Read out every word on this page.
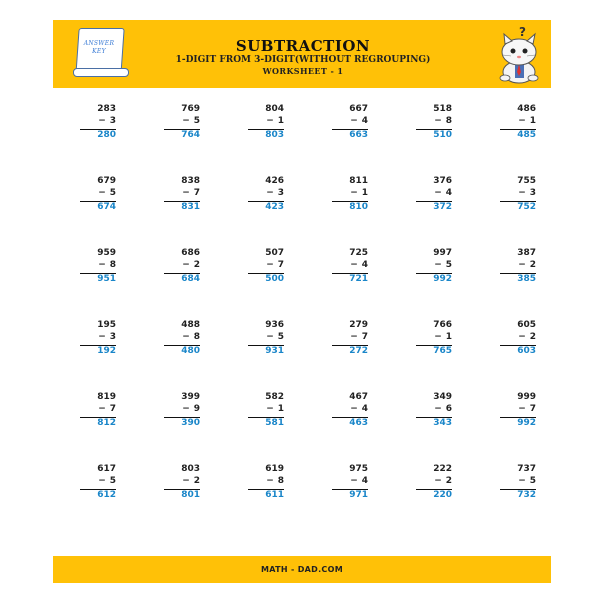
ANSWER
KEY	SUBTRACTION
1-DIGIT FROM 3-DIGIT(WITHOUT REGROUPING)
WORKSHEET - 1
?
283
− 3
280
769
− 5
764
804
− 1
803
667
− 4
663
518
− 8
510
486
− 1
485
679
− 5
674
838
− 7
831
426
− 3
423
811
− 1
810
376
− 4
372
755
− 3
752
959
− 8
951
686
− 2
684
507
− 7
500
725
− 4
721
997
− 5
992
387
− 2
385
195
− 3
192
488
− 8
480
936
− 5
931
279
− 7
272
766
− 1
765
605
− 2
603
819
− 7
812
399
− 9
390
582
− 1
581
467
− 4
463
349
− 6
343
999
− 7
992
617
− 5
612
803
− 2
801
619
− 8
611
975
− 4
971
222
− 2
220
737
− 5
732
MATH - DAD.COM
